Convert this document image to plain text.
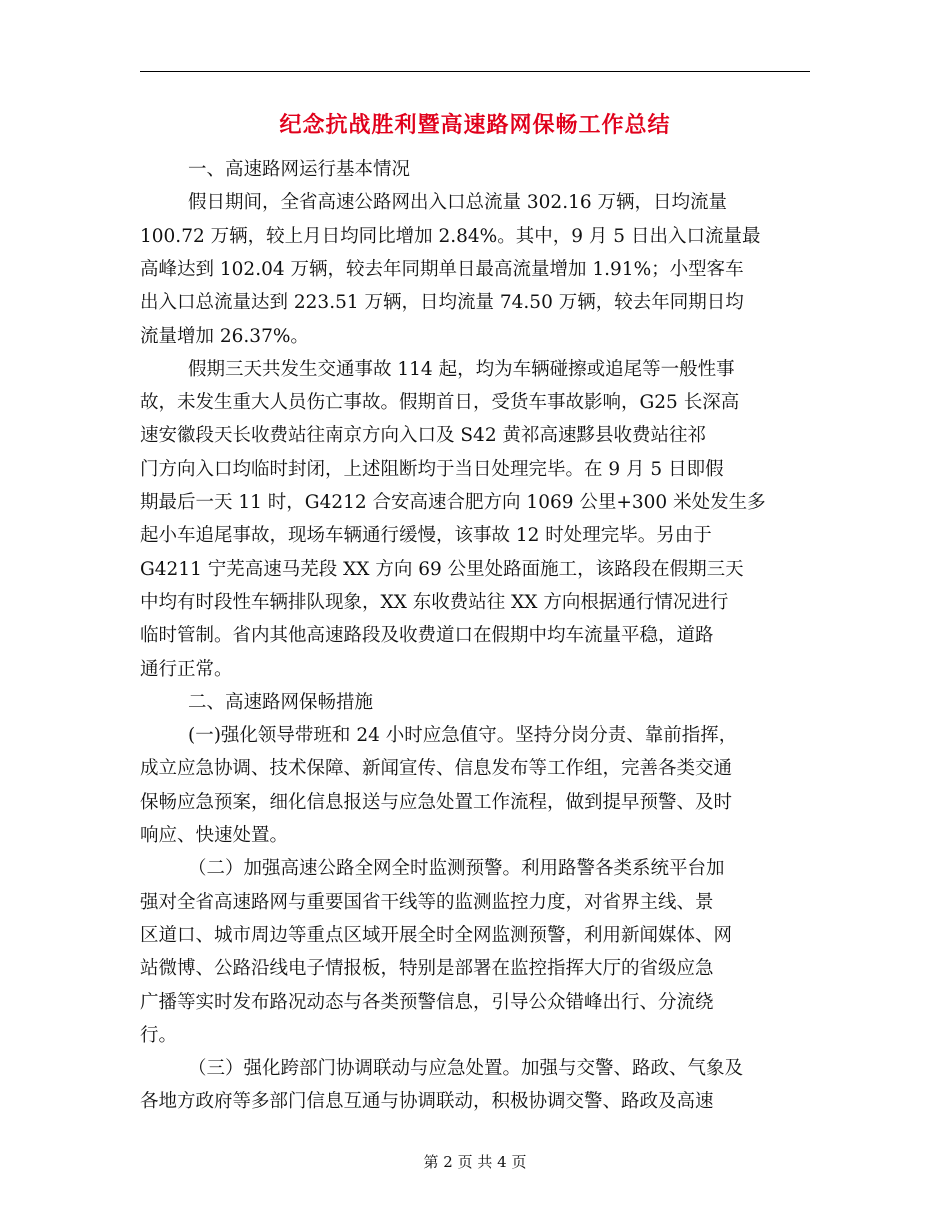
纪念抗战胜利暨高速路网保畅工作总结
一、高速路网运行基本情况
假日期间，全省高速公路网出入口总流量 302.16 万辆，日均流量
100.72 万辆，较上月日均同比增加 2.84%。其中，9 月 5 日出入口流量最
高峰达到 102.04 万辆，较去年同期单日最高流量增加 1.91%；小型客车
出入口总流量达到 223.51 万辆，日均流量 74.50 万辆，较去年同期日均
流量增加 26.37%。
假期三天共发生交通事故 114 起，均为车辆碰擦或追尾等一般性事
故，未发生重大人员伤亡事故。假期首日，受货车事故影响，G25 长深高
速安徽段天长收费站往南京方向入口及 S42 黄祁高速黟县收费站往祁
门方向入口均临时封闭，上述阻断均于当日处理完毕。在 9 月 5 日即假
期最后一天 11 时，G4212 合安高速合肥方向 1069 公里+300 米处发生多
起小车追尾事故，现场车辆通行缓慢，该事故 12 时处理完毕。另由于
G4211 宁芜高速马芜段 XX 方向 69 公里处路面施工，该路段在假期三天
中均有时段性车辆排队现象，XX 东收费站往 XX 方向根据通行情况进行
临时管制。省内其他高速路段及收费道口在假期中均车流量平稳，道路
通行正常。
二、高速路网保畅措施
(一)强化领导带班和 24 小时应急值守。坚持分岗分责、靠前指挥，
成立应急协调、技术保障、新闻宣传、信息发布等工作组，完善各类交通
保畅应急预案，细化信息报送与应急处置工作流程，做到提早预警、及时
响应、快速处置。
（二）加强高速公路全网全时监测预警。利用路警各类系统平台加
强对全省高速路网与重要国省干线等的监测监控力度，对省界主线、景
区道口、城市周边等重点区域开展全时全网监测预警，利用新闻媒体、网
站微博、公路沿线电子情报板，特别是部署在监控指挥大厅的省级应急
广播等实时发布路况动态与各类预警信息，引导公众错峰出行、分流绕
行。
（三）强化跨部门协调联动与应急处置。加强与交警、路政、气象及
各地方政府等多部门信息互通与协调联动，积极协调交警、路政及高速
第 2 页 共 4 页
